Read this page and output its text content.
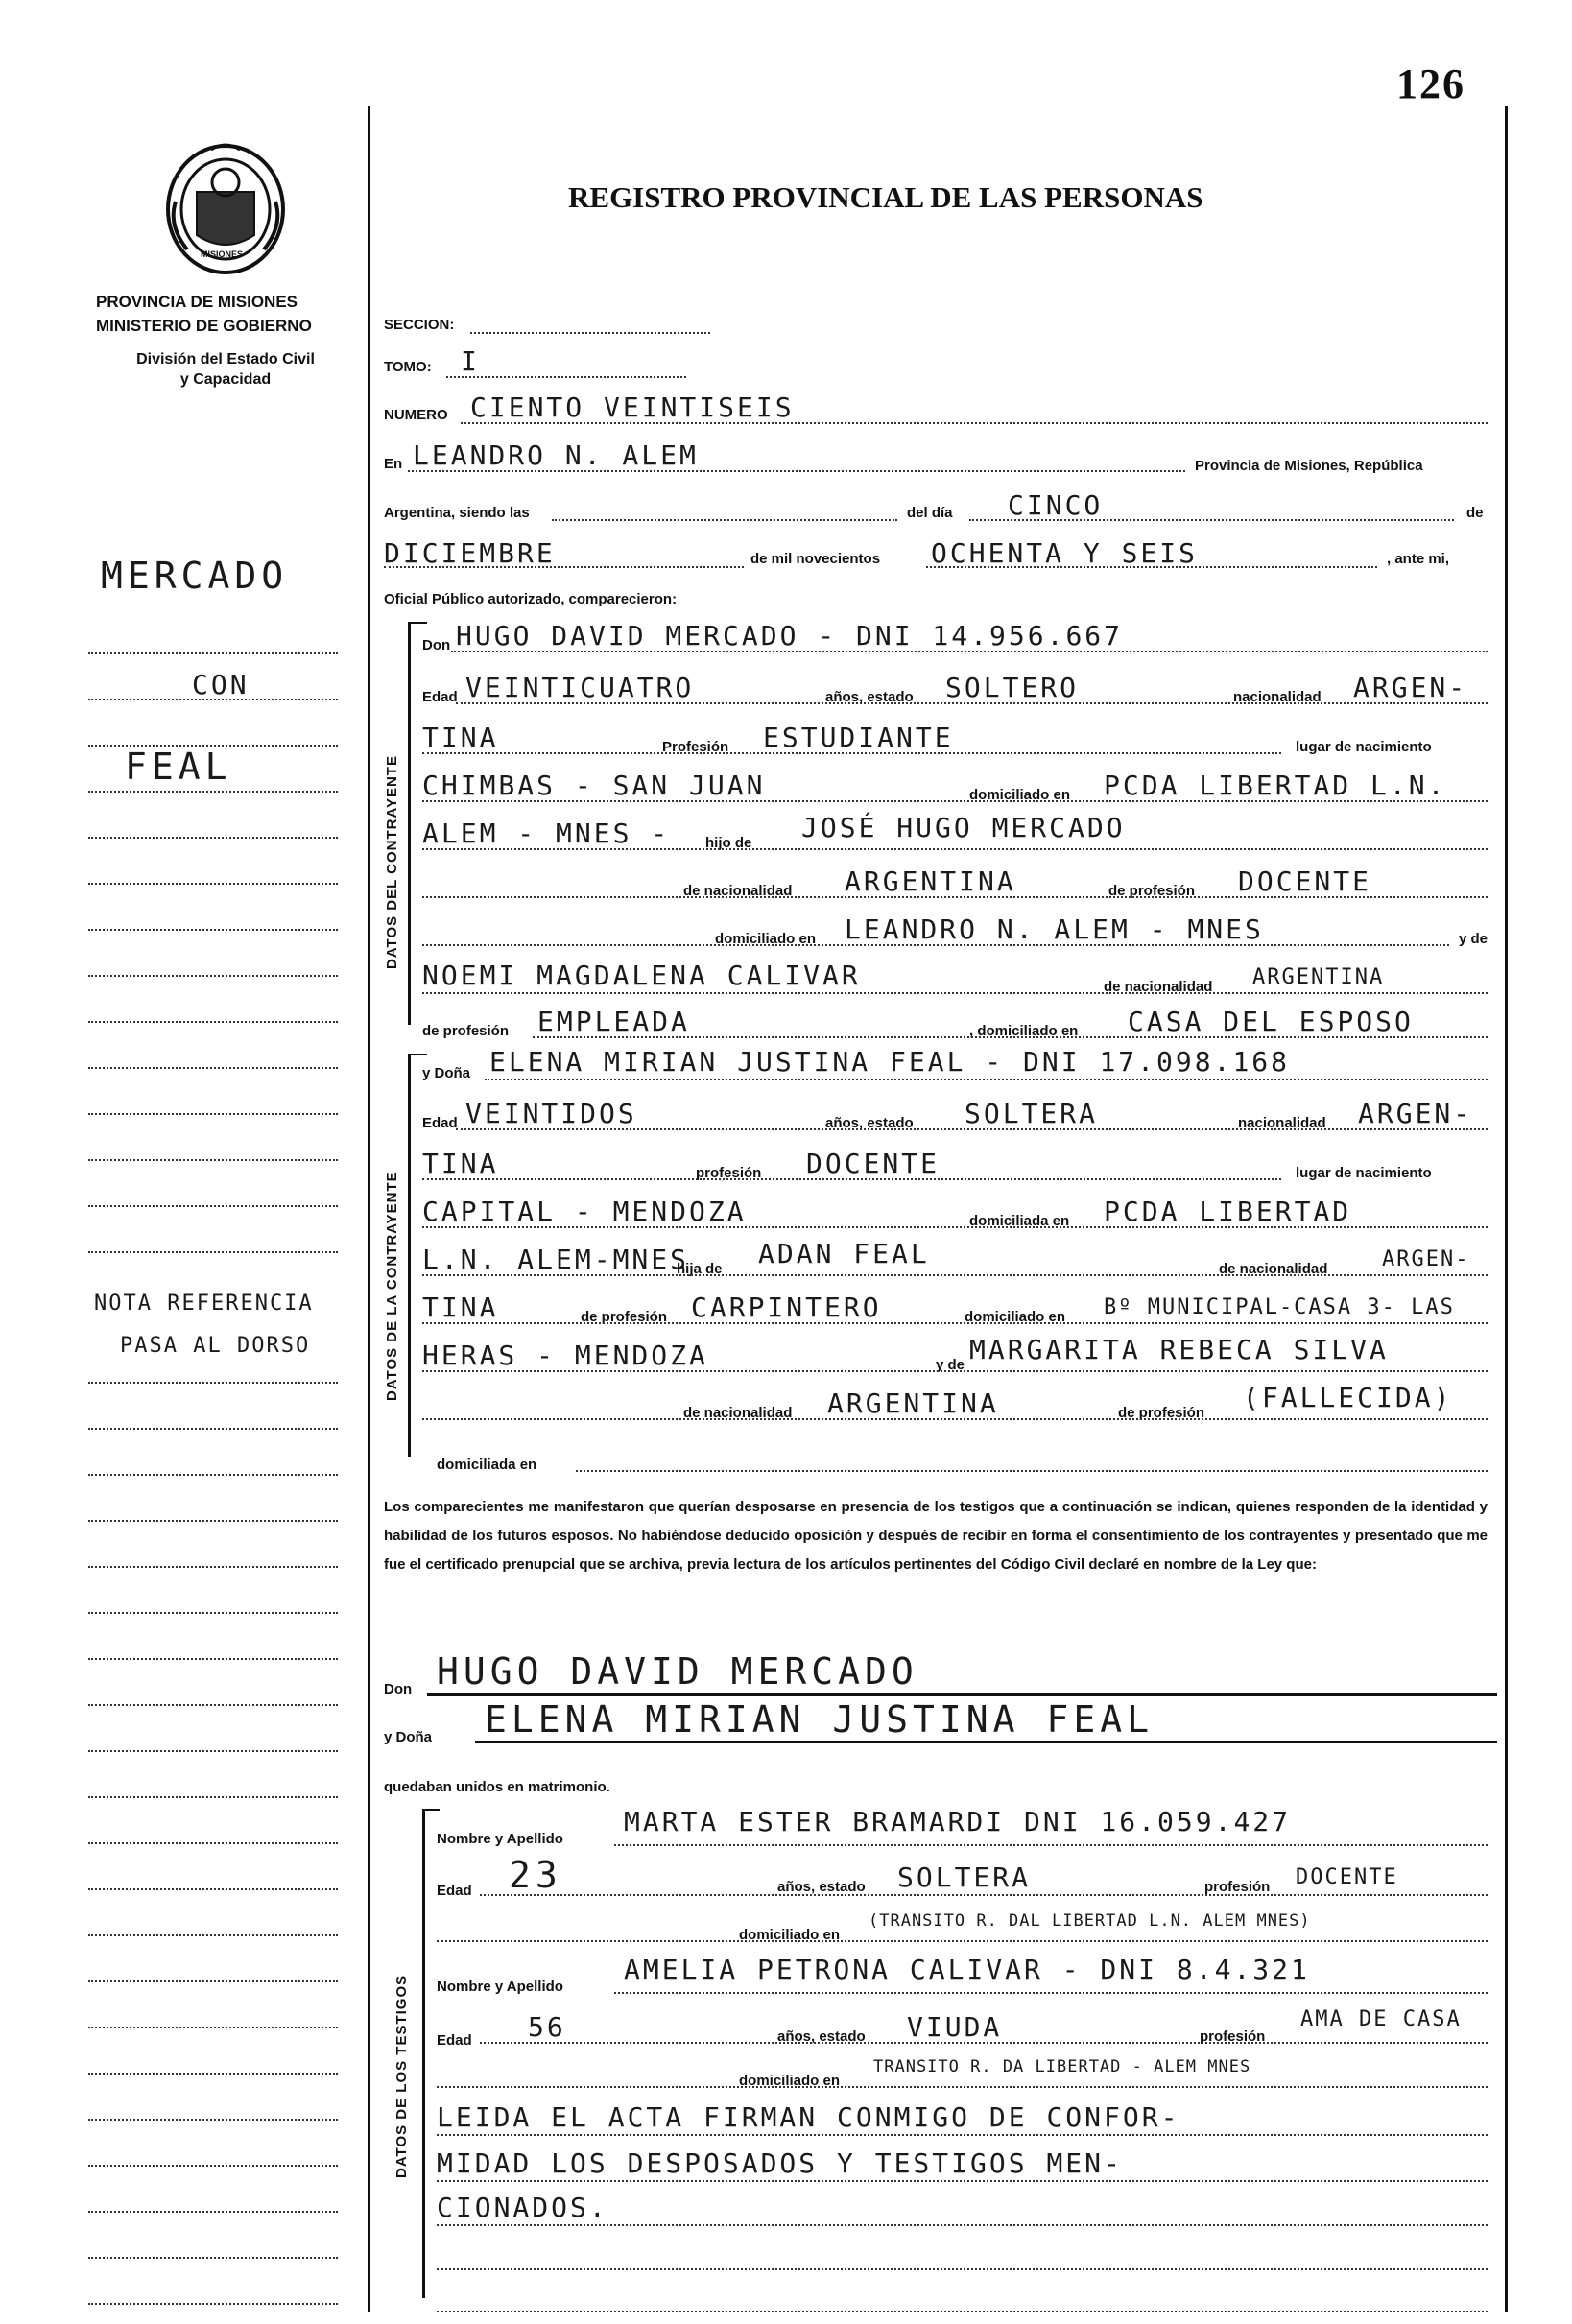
126
MISIONES
PROVINCIA DE MISIONES
MINISTERIO DE GOBIERNO
División del Estado Civil
y Capacidad
REGISTRO PROVINCIAL DE LAS PERSONAS
MERCADO
CON
FEAL
NOTA REFERENCIA
PASA AL DORSO
SECCION:
TOMO: I
NUMERO CIENTO VEINTISEIS
En LEANDRO N. ALEM	Provincia de Misiones, República
Argentina, siendo las	del día CINCO	de
DICIEMBRE	de mil novecientos OCHENTA Y SEIS	, ante mi,
Oficial Público autorizado, comparecieron:
DATOS DEL CONTRAYENTE
Don HUGO DAVID MERCADO - DNI 14.956.667
Edad VEINTICUATRO	años, estado SOLTERO	nacionalidad ARGEN-
TINA	Profesión ESTUDIANTE	lugar de nacimiento
CHIMBAS - SAN JUAN	domiciliado en PCDA LIBERTAD L.N.
ALEM - MNES - hijo de JOSÉ HUGO MERCADO
de nacionalidad ARGENTINA	de profesión DOCENTE
domiciliado en LEANDRO N. ALEM - MNES	y de
NOEMI MAGDALENA CALIVAR	de nacionalidad ARGENTINA
de profesión EMPLEADA	, domiciliado en CASA DEL ESPOSO
DATOS DE LA CONTRAYENTE
y Doña ELENA MIRIAN JUSTINA FEAL - DNI 17.098.168
Edad VEINTIDOS	años, estado SOLTERA	nacionalidad ARGEN-
TINA	profesión DOCENTE	lugar de nacimiento
CAPITAL - MENDOZA	domiciliada en PCDA LIBERTAD
L.N. ALEM-MNES
hija de ADAN FEAL	de nacionalidad	ARGEN-
TINA	de profesión CARPINTERO	domiciliado en Bº MUNICIPAL-CASA 3- LAS
HERAS - MENDOZA	y de MARGARITA REBECA SILVA
de nacionalidad ARGENTINA	de profesión (FALLECIDA)
domiciliada en
Los comparecientes me manifestaron que querían desposarse en presencia de los testigos que a continuación se indican, quienes responden de la identidad y habilidad de los futuros esposos. No habiéndose deducido oposición y después de recibir en forma el consentimiento de los contrayentes y presentado que me fue el certificado prenupcial que se archiva, previa lectura de los artículos pertinentes del Código Civil declaré en nombre de la Ley que:
Don HUGO DAVID MERCADO
y Doña ELENA MIRIAN JUSTINA FEAL
quedaban unidos en matrimonio.
DATOS DE LOS TESTIGOS
Nombre y Apellido
MARTA ESTER BRAMARDI DNI 16.059.427
Edad 23	años, estado SOLTERA	profesión DOCENTE
domiciliado en
(TRANSITO R. DAL LIBERTAD L.N. ALEM MNES)
Nombre y Apellido
AMELIA PETRONA CALIVAR - DNI 8.4.321
Edad 56	años, estado VIUDA	profesión
AMA DE CASA
domiciliado en
TRANSITO R. DA LIBERTAD - ALEM MNES
LEIDA EL ACTA FIRMAN CONMIGO DE CONFOR-
MIDAD LOS DESPOSADOS Y TESTIGOS MEN-
CIONADOS.
